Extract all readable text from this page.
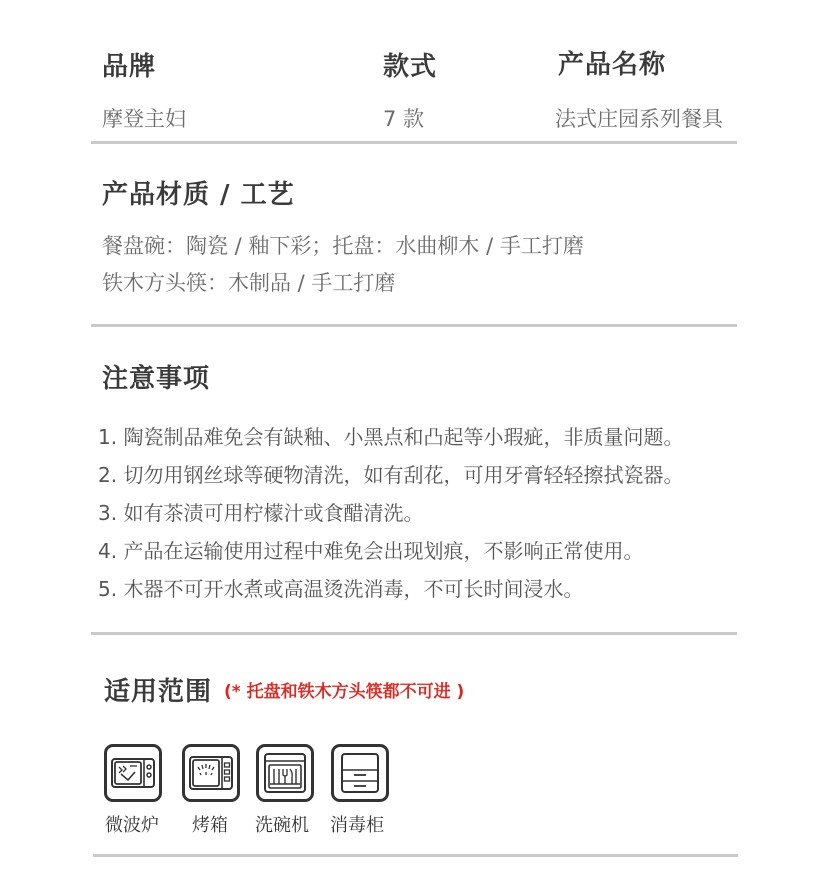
品牌	款式	产品名称
摩登主妇	7 款	法式庄园系列餐具
产品材质 / 工艺
餐盘碗：陶瓷 / 釉下彩；托盘：水曲柳木 / 手工打磨
铁木方头筷：木制品 / 手工打磨
注意事项
1. 陶瓷制品难免会有缺釉、小黑点和凸起等小瑕疵，非质量问题。
2. 切勿用钢丝球等硬物清洗，如有刮花，可用牙膏轻轻擦拭瓷器。
3. 如有茶渍可用柠檬汁或食醋清洗。
4. 产品在运输使用过程中难免会出现划痕，不影响正常使用。
5. 木器不可开水煮或高温烫洗消毒，不可长时间浸水。
适用范围 (* 托盘和铁木方头筷都不可进 )
微波炉 烤箱 洗碗机 消毒柜
